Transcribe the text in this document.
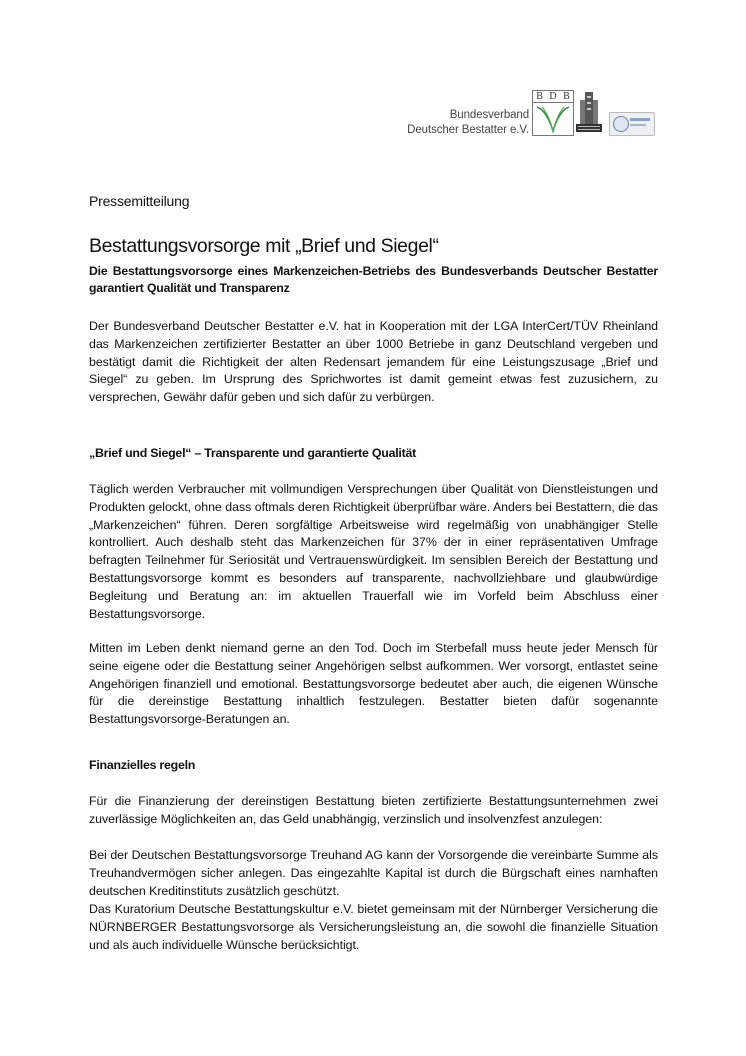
Bundesverband
Deutscher Bestatter e.V.
B D B
Pressemitteilung
Bestattungsvorsorge mit „Brief und Siegel“
Die Bestattungsvorsorge eines Markenzeichen-Betriebs des Bundesverbands Deutscher Bestatter garantiert Qualität und Transparenz

Der Bundesverband Deutscher Bestatter e.V. hat in Kooperation mit der LGA InterCert/TÜV Rheinland das Markenzeichen zertifizierter Bestatter an über 1000 Betriebe in ganz Deutschland vergeben und bestätigt damit die Richtigkeit der alten Redensart jemandem für eine Leistungszusage „Brief und Siegel“ zu geben. Im Ursprung des Sprichwortes ist damit gemeint etwas fest zuzusichern, zu versprechen, Gewähr dafür geben und sich dafür zu verbürgen.

„Brief und Siegel“ – Transparente und garantierte Qualität

Täglich werden Verbraucher mit vollmundigen Versprechungen über Qualität von Dienstleistungen und Produkten gelockt, ohne dass oftmals deren Richtigkeit überprüfbar wäre. Anders bei Bestattern, die das „Markenzeichen“ führen. Deren sorgfältige Arbeitsweise wird regelmäßig von unabhängiger Stelle kontrolliert. Auch deshalb steht das Markenzeichen für 37% der in einer repräsentativen Umfrage befragten Teilnehmer für Seriosität und Vertrauenswürdigkeit. Im sensiblen Bereich der Bestattung und Bestattungsvorsorge kommt es besonders auf transparente, nachvollziehbare und glaubwürdige Begleitung und Beratung an: im aktuellen Trauerfall wie im Vorfeld beim Abschluss einer Bestattungsvorsorge.

Mitten im Leben denkt niemand gerne an den Tod. Doch im Sterbefall muss heute jeder Mensch für seine eigene oder die Bestattung seiner Angehörigen selbst aufkommen. Wer vorsorgt, entlastet seine Angehörigen finanziell und emotional. Bestattungsvorsorge bedeutet aber auch, die eigenen Wünsche für die dereinstige Bestattung inhaltlich festzulegen. Bestatter bieten dafür sogenannte Bestattungsvorsorge-Beratungen an.

Finanzielles regeln

Für die Finanzierung der dereinstigen Bestattung bieten zertifizierte Bestattungsunternehmen zwei zuverlässige Möglichkeiten an, das Geld unabhängig, verzinslich und insolvenzfest anzulegen:

Bei der Deutschen Bestattungsvorsorge Treuhand AG kann der Vorsorgende die vereinbarte Summe als Treuhandvermögen sicher anlegen. Das eingezahlte Kapital ist durch die Bürgschaft eines namhaften deutschen Kreditinstituts zusätzlich geschützt.

Das Kuratorium Deutsche Bestattungskultur e.V. bietet gemeinsam mit der Nürnberger Versicherung die NÜRNBERGER Bestattungsvorsorge als Versicherungsleistung an, die sowohl die finanzielle Situation und als auch individuelle Wünsche berücksichtigt.
